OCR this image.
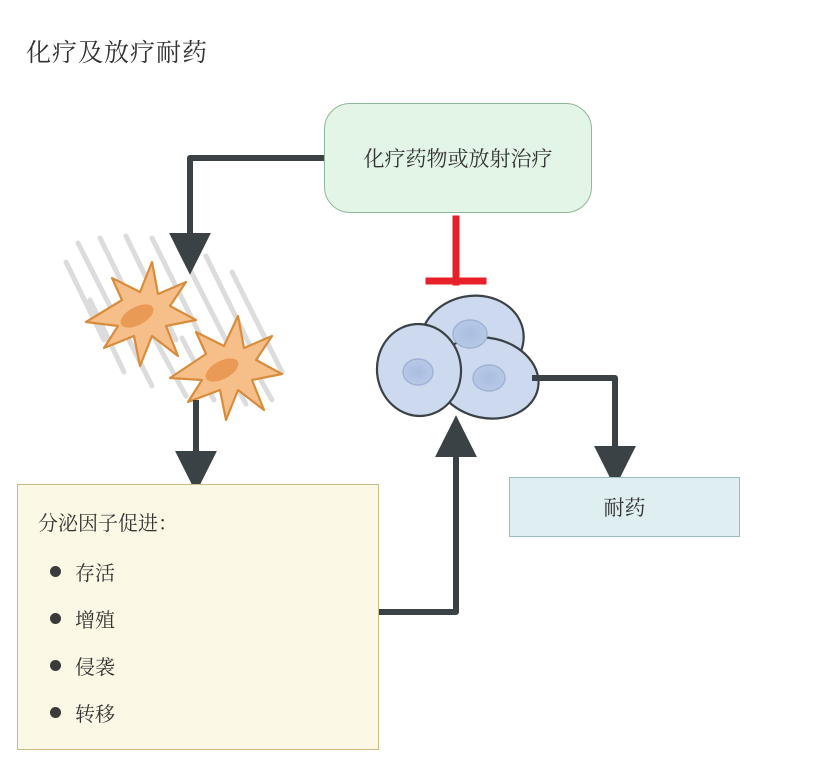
化疗及放疗耐药
化疗药物或放射治疗
耐药
分泌因子促进：
存活
增殖
侵袭
转移
